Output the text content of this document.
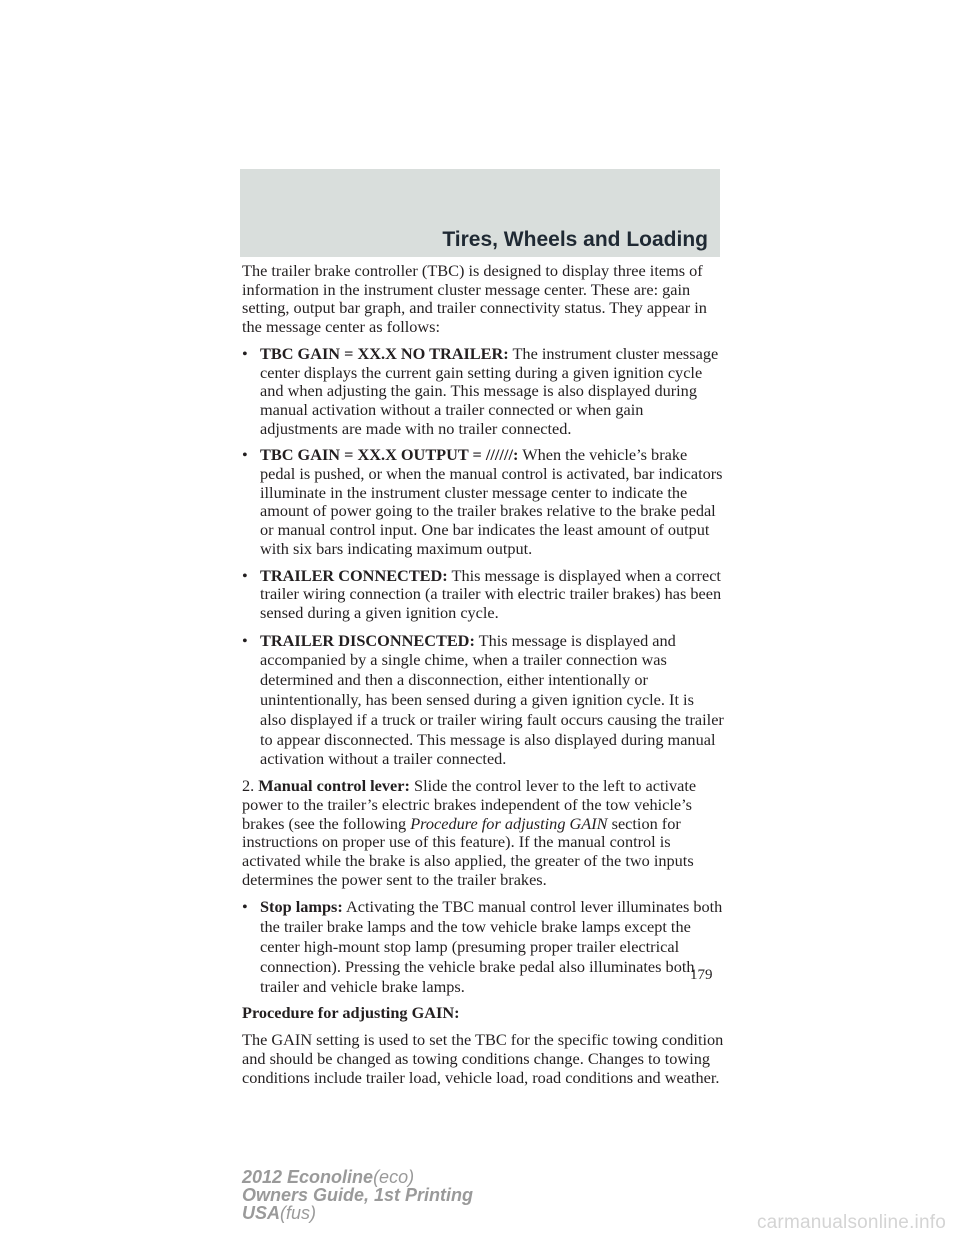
Tires, Wheels and Loading

The trailer brake controller (TBC) is designed to display three items of information in the instrument cluster message center. These are: gain setting, output bar graph, and trailer connectivity status. They appear in the message center as follows:

• TBC GAIN = XX.X NO TRAILER: The instrument cluster message center displays the current gain setting during a given ignition cycle and when adjusting the gain. This message is also displayed during manual activation without a trailer connected or when gain adjustments are made with no trailer connected.
• TBC GAIN = XX.X OUTPUT = //////: When the vehicle’s brake pedal is pushed, or when the manual control is activated, bar indicators illuminate in the instrument cluster message center to indicate the amount of power going to the trailer brakes relative to the brake pedal or manual control input. One bar indicates the least amount of output with six bars indicating maximum output.
• TRAILER CONNECTED: This message is displayed when a correct trailer wiring connection (a trailer with electric trailer brakes) has been sensed during a given ignition cycle.
• TRAILER DISCONNECTED: This message is displayed and accompanied by a single chime, when a trailer connection was determined and then a disconnection, either intentionally or unintentionally, has been sensed during a given ignition cycle. It is also displayed if a truck or trailer wiring fault occurs causing the trailer to appear disconnected. This message is also displayed during manual activation without a trailer connected.

2. Manual control lever: Slide the control lever to the left to activate power to the trailer’s electric brakes independent of the tow vehicle’s brakes (see the following Procedure for adjusting GAIN section for instructions on proper use of this feature). If the manual control is activated while the brake is also applied, the greater of the two inputs determines the power sent to the trailer brakes.

• Stop lamps: Activating the TBC manual control lever illuminates both the trailer brake lamps and the tow vehicle brake lamps except the center high-mount stop lamp (presuming proper trailer electrical connection). Pressing the vehicle brake pedal also illuminates both trailer and vehicle brake lamps.

Procedure for adjusting GAIN:

The GAIN setting is used to set the TBC for the specific towing condition and should be changed as towing conditions change. Changes to towing conditions include trailer load, vehicle load, road conditions and weather.

179
2012 Econoline(eco)
Owners Guide, 1st Printing
USA(fus)	carmanualsonline.info
